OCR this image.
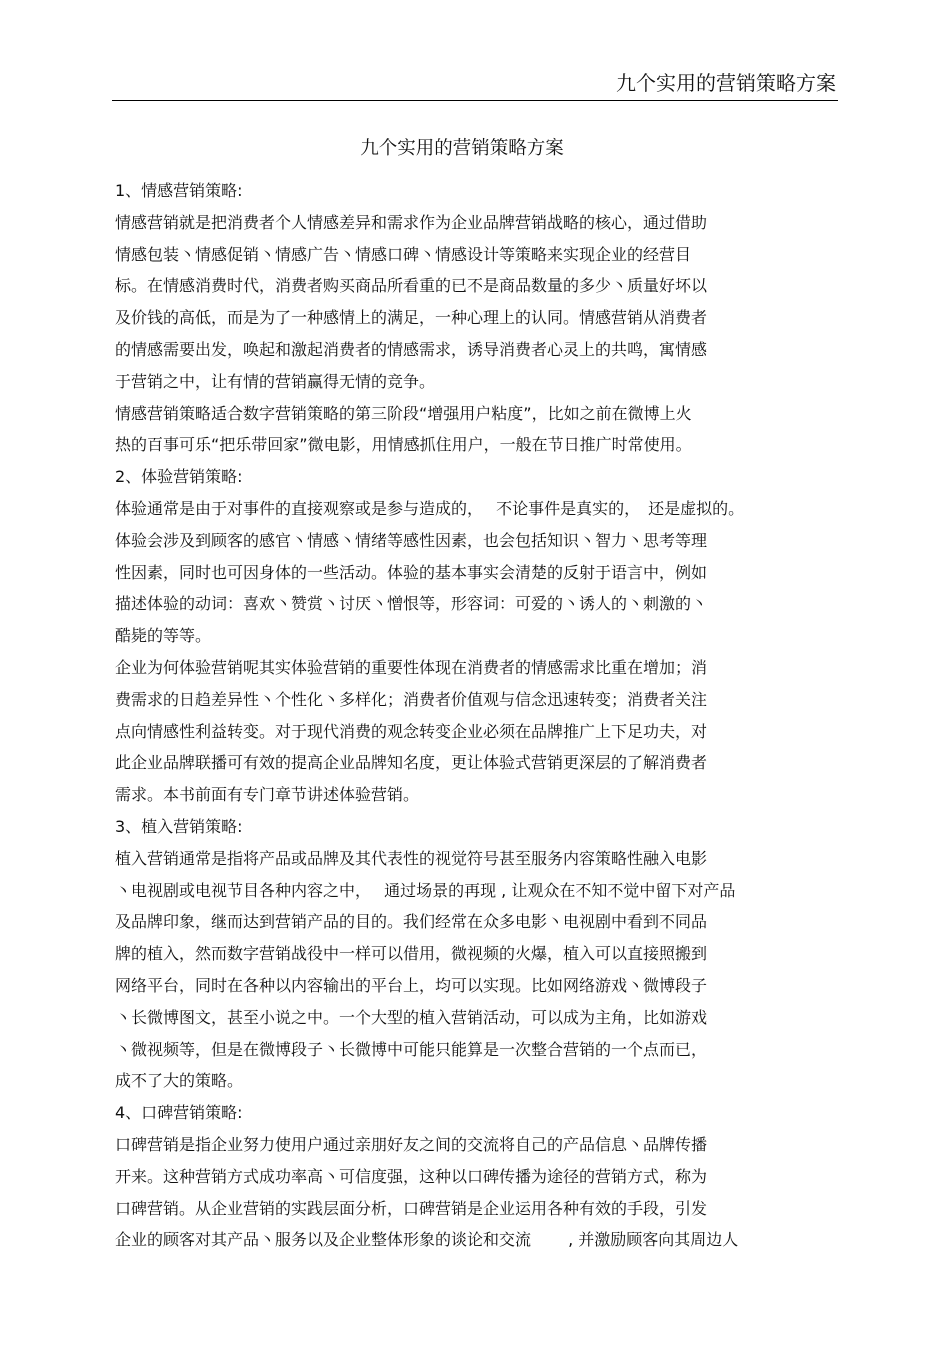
九个实用的营销策略方案
九个实用的营销策略方案
1、情感营销策略:
情感营销就是把消费者个人情感差异和需求作为企业品牌营销战略的核心，通过借助
情感包装丶情感促销丶情感广告丶情感口碑丶情感设计等策略来实现企业的经营目
标。在情感消费时代，消费者购买商品所看重的已不是商品数量的多少丶质量好坏以
及价钱的高低，而是为了一种感情上的满足，一种心理上的认同。情感营销从消费者
的情感需要出发，唤起和激起消费者的情感需求，诱导消费者心灵上的共鸣，寓情感
于营销之中，让有情的营销赢得无情的竞争。
情感营销策略适合数字营销策略的第三阶段“增强用户粘度”，比如之前在微博上火
热的百事可乐“把乐带回家”微电影，用情感抓住用户，一般在节日推广时常使用。
2、体验营销策略:
体验通常是由于对事件的直接观察或是参与造成的，　 不论事件是真实的，　还是虚拟的。
体验会涉及到顾客的感官丶情感丶情绪等感性因素，也会包括知识丶智力丶思考等理
性因素，同时也可因身体的一些活动。体验的基本事实会清楚的反射于语言中，例如
描述体验的动词：喜欢丶赞赏丶讨厌丶憎恨等，形容词：可爱的丶诱人的丶刺激的丶
酷毙的等等。
企业为何体验营销呢其实体验营销的重要性体现在消费者的情感需求比重在增加；消
费需求的日趋差异性丶个性化丶多样化；消费者价值观与信念迅速转变；消费者关注
点向情感性利益转变。对于现代消费的观念转变企业必须在品牌推广上下足功夫，对
此企业品牌联播可有效的提高企业品牌知名度，更让体验式营销更深层的了解消费者
需求。本书前面有专门章节讲述体验营销。
3、植入营销策略:
植入营销通常是指将产品或品牌及其代表性的视觉符号甚至服务内容策略性融入电影
丶电视剧或电视节目各种内容之中，　 通过场景的再现 , 让观众在不知不觉中留下对产品
及品牌印象，继而达到营销产品的目的。我们经常在众多电影丶电视剧中看到不同品
牌的植入，然而数字营销战役中一样可以借用，微视频的火爆，植入可以直接照搬到
网络平台，同时在各种以内容输出的平台上，均可以实现。比如网络游戏丶微博段子
丶长微博图文，甚至小说之中。一个大型的植入营销活动，可以成为主角，比如游戏
丶微视频等，但是在微博段子丶长微博中可能只能算是一次整合营销的一个点而已，
成不了大的策略。
4、口碑营销策略:
口碑营销是指企业努力使用户通过亲朋好友之间的交流将自己的产品信息丶品牌传播
开来。这种营销方式成功率高丶可信度强，这种以口碑传播为途径的营销方式，称为
口碑营销。从企业营销的实践层面分析，口碑营销是企业运用各种有效的手段，引发
企业的顾客对其产品丶服务以及企业整体形象的谈论和交流　　 , 并激励顾客向其周边人
